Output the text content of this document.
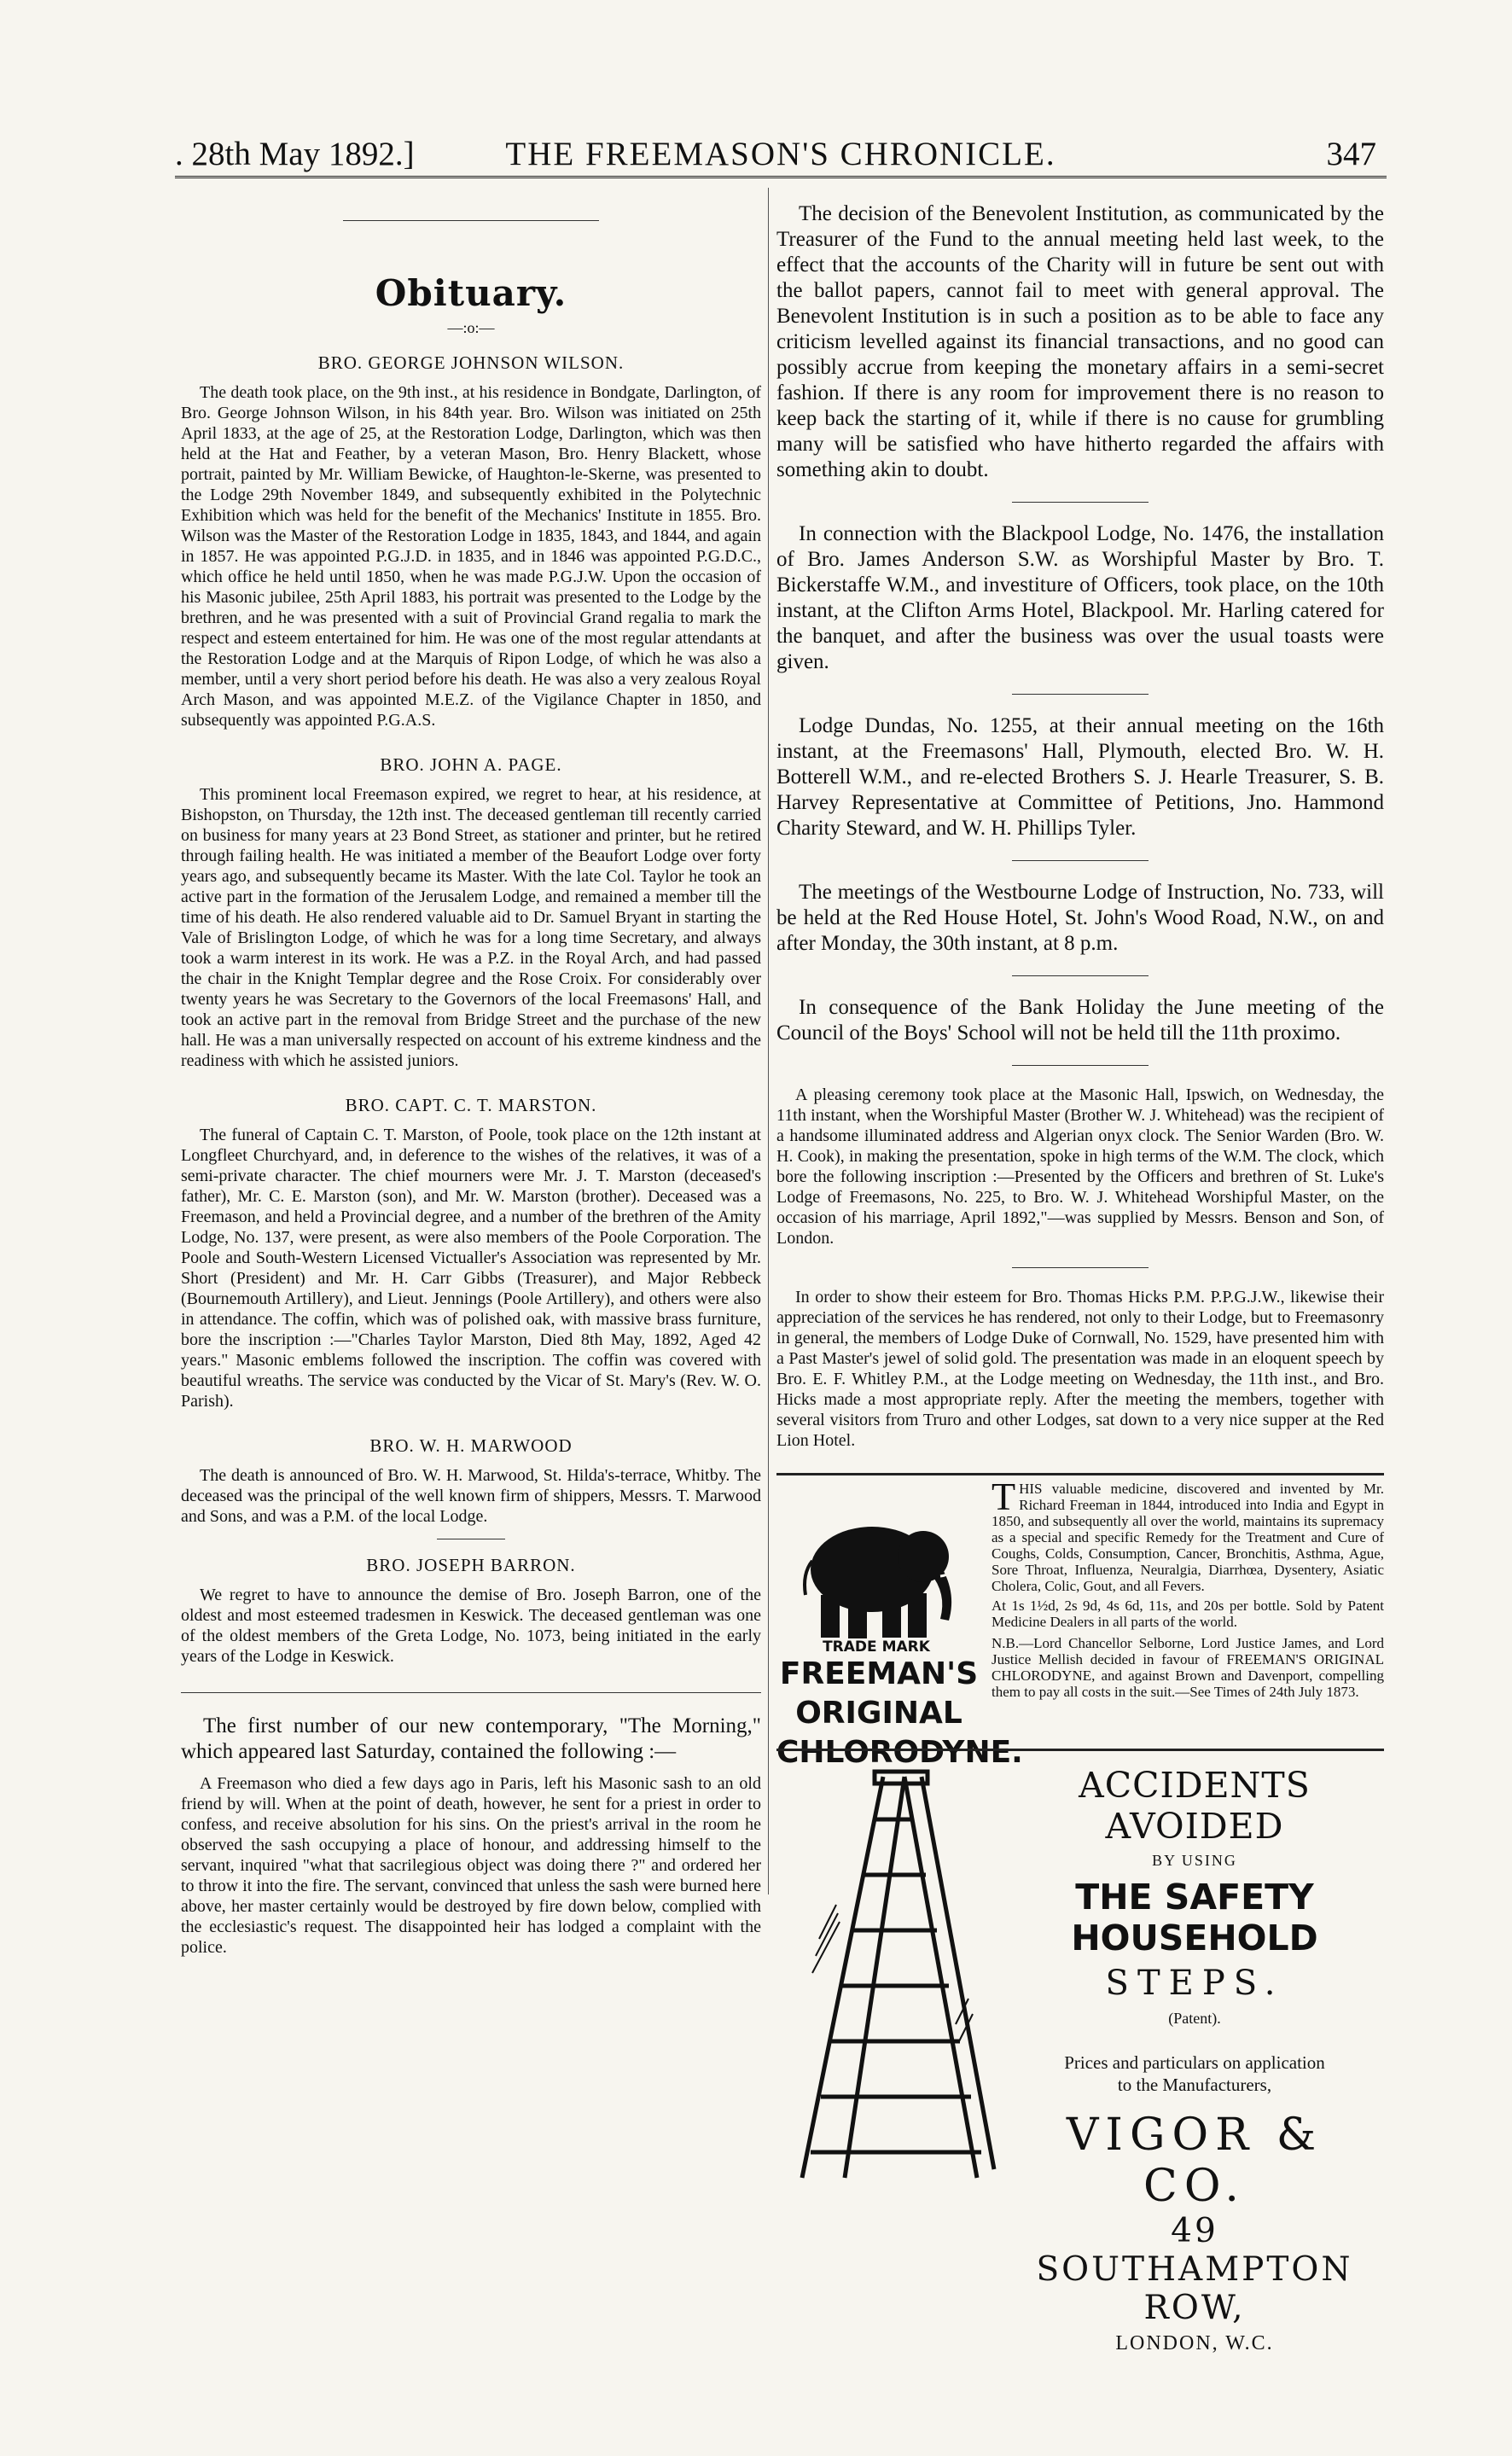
. 28th May 1892.]	THE FREEMASON'S CHRONICLE.	347
Obituary.
—:o:—
BRO. GEORGE JOHNSON WILSON.

The death took place, on the 9th inst., at his residence in Bondgate, Darlington, of Bro. George Johnson Wilson, in his 84th year. Bro. Wilson was initiated on 25th April 1833, at the age of 25, at the Restoration Lodge, Darlington, which was then held at the Hat and Feather, by a veteran Mason, Bro. Henry Blackett, whose portrait, painted by Mr. William Bewicke, of Haughton-le-Skerne, was presented to the Lodge 29th November 1849, and subsequently exhibited in the Polytechnic Exhibition which was held for the benefit of the Mechanics' Institute in 1855. Bro. Wilson was the Master of the Restoration Lodge in 1835, 1843, and 1844, and again in 1857. He was appointed P.G.J.D. in 1835, and in 1846 was appointed P.G.D.C., which office he held until 1850, when he was made P.G.J.W. Upon the occasion of his Masonic jubilee, 25th April 1883, his portrait was presented to the Lodge by the brethren, and he was presented with a suit of Provincial Grand regalia to mark the respect and esteem entertained for him. He was one of the most regular attendants at the Restoration Lodge and at the Marquis of Ripon Lodge, of which he was also a member, until a very short period before his death. He was also a very zealous Royal Arch Mason, and was appointed M.E.Z. of the Vigilance Chapter in 1850, and subsequently was appointed P.G.A.S.

BRO. JOHN A. PAGE.

This prominent local Freemason expired, we regret to hear, at his residence, at Bishopston, on Thursday, the 12th inst. The deceased gentleman till recently carried on business for many years at 23 Bond Street, as stationer and printer, but he retired through failing health. He was initiated a member of the Beaufort Lodge over forty years ago, and subsequently became its Master. With the late Col. Taylor he took an active part in the formation of the Jerusalem Lodge, and remained a member till the time of his death. He also rendered valuable aid to Dr. Samuel Bryant in starting the Vale of Brislington Lodge, of which he was for a long time Secretary, and always took a warm interest in its work. He was a P.Z. in the Royal Arch, and had passed the chair in the Knight Templar degree and the Rose Croix. For considerably over twenty years he was Secretary to the Governors of the local Freemasons' Hall, and took an active part in the removal from Bridge Street and the purchase of the new hall. He was a man universally respected on account of his extreme kindness and the readiness with which he assisted juniors.

BRO. CAPT. C. T. MARSTON.

The funeral of Captain C. T. Marston, of Poole, took place on the 12th instant at Longfleet Churchyard, and, in deference to the wishes of the relatives, it was of a semi-private character. The chief mourners were Mr. J. T. Marston (deceased's father), Mr. C. E. Marston (son), and Mr. W. Marston (brother). Deceased was a Freemason, and held a Provincial degree, and a number of the brethren of the Amity Lodge, No. 137, were present, as were also members of the Poole Corporation. The Poole and South-Western Licensed Victualler's Association was represented by Mr. Short (President) and Mr. H. Carr Gibbs (Treasurer), and Major Rebbeck (Bournemouth Artillery), and Lieut. Jennings (Poole Artillery), and others were also in attendance. The coffin, which was of polished oak, with massive brass furniture, bore the inscription :—"Charles Taylor Marston, Died 8th May, 1892, Aged 42 years." Masonic emblems followed the inscription. The coffin was covered with beautiful wreaths. The service was conducted by the Vicar of St. Mary's (Rev. W. O. Parish).

BRO. W. H. MARWOOD

The death is announced of Bro. W. H. Marwood, St. Hilda's-terrace, Whitby. The deceased was the principal of the well known firm of shippers, Messrs. T. Marwood and Sons, and was a P.M. of the local Lodge.

BRO. JOSEPH BARRON.

We regret to have to announce the demise of Bro. Joseph Barron, one of the oldest and most esteemed tradesmen in Keswick. The deceased gentleman was one of the oldest members of the Greta Lodge, No. 1073, being initiated in the early years of the Lodge in Keswick.

The first number of our new contemporary, "The Morning," which appeared last Saturday, contained the following :—

A Freemason who died a few days ago in Paris, left his Masonic sash to an old friend by will. When at the point of death, however, he sent for a priest in order to confess, and receive absolution for his sins. On the priest's arrival in the room he observed the sash occupying a place of honour, and addressing himself to the servant, inquired "what that sacrilegious object was doing there ?" and ordered her to throw it into the fire. The servant, convinced that unless the sash were burned here above, her master certainly would be destroyed by fire down below, complied with the ecclesiastic's request. The disappointed heir has lodged a complaint with the police.

The decision of the Benevolent Institution, as communicated by the Treasurer of the Fund to the annual meeting held last week, to the effect that the accounts of the Charity will in future be sent out with the ballot papers, cannot fail to meet with general approval. The Benevolent Institution is in such a position as to be able to face any criticism levelled against its financial transactions, and no good can possibly accrue from keeping the monetary affairs in a semi-secret fashion. If there is any room for improvement there is no reason to keep back the starting of it, while if there is no cause for grumbling many will be satisfied who have hitherto regarded the affairs with something akin to doubt.

In connection with the Blackpool Lodge, No. 1476, the installation of Bro. James Anderson S.W. as Worshipful Master by Bro. T. Bickerstaffe W.M., and investiture of Officers, took place, on the 10th instant, at the Clifton Arms Hotel, Blackpool. Mr. Harling catered for the banquet, and after the business was over the usual toasts were given.

Lodge Dundas, No. 1255, at their annual meeting on the 16th instant, at the Freemasons' Hall, Plymouth, elected Bro. W. H. Botterell W.M., and re-elected Brothers S. J. Hearle Treasurer, S. B. Harvey Representative at Committee of Petitions, Jno. Hammond Charity Steward, and W. H. Phillips Tyler.

The meetings of the Westbourne Lodge of Instruction, No. 733, will be held at the Red House Hotel, St. John's Wood Road, N.W., on and after Monday, the 30th instant, at 8 p.m.

In consequence of the Bank Holiday the June meeting of the Council of the Boys' School will not be held till the 11th proximo.

A pleasing ceremony took place at the Masonic Hall, Ipswich, on Wednesday, the 11th instant, when the Worshipful Master (Brother W. J. Whitehead) was the recipient of a handsome illuminated address and Algerian onyx clock. The Senior Warden (Bro. W. H. Cook), in making the presentation, spoke in high terms of the W.M. The clock, which bore the following inscription :—Presented by the Officers and brethren of St. Luke's Lodge of Freemasons, No. 225, to Bro. W. J. Whitehead Worshipful Master, on the occasion of his marriage, April 1892,"—was supplied by Messrs. Benson and Son, of London.

In order to show their esteem for Bro. Thomas Hicks P.M. P.P.G.J.W., likewise their appreciation of the services he has rendered, not only to their Lodge, but to Freemasonry in general, the members of Lodge Duke of Cornwall, No. 1529, have presented him with a Past Master's jewel of solid gold. The presentation was made in an eloquent speech by Bro. E. F. Whitley P.M., at the Lodge meeting on Wednesday, the 11th inst., and Bro. Hicks made a most appropriate reply. After the meeting the members, together with several visitors from Truro and other Lodges, sat down to a very nice supper at the Red Lion Hotel.

TRADE MARK
FREEMAN'S
ORIGINAL
CHLORODYNE.
T HIS valuable medicine, discovered and invented by Mr. Richard Freeman in 1844, introduced into India and Egypt in 1850, and subsequently all over the world, maintains its supremacy as a special and specific Remedy for the Treatment and Cure of Coughs, Colds, Consumption, Cancer, Bronchitis, Asthma, Ague, Sore Throat, Influenza, Neuralgia, Diarrhœa, Dysentery, Asiatic Cholera, Colic, Gout, and all Fevers.
At 1s 1½d, 2s 9d, 4s 6d, 11s, and 20s per bottle. Sold by Patent Medicine Dealers in all parts of the world.
N.B.—Lord Chancellor Selborne, Lord Justice James, and Lord Justice Mellish decided in favour of FREEMAN'S ORIGINAL CHLORODYNE, and against Brown and Davenport, compelling them to pay all costs in the suit.—See Times of 24th July 1873.
ACCIDENTS AVOIDED
BY USING
THE SAFETY HOUSEHOLD
STEPS.
(Patent).
Prices and particulars on application
to the Manufacturers,
VIGOR & CO.
49 SOUTHAMPTON ROW,
LONDON, W.C.
